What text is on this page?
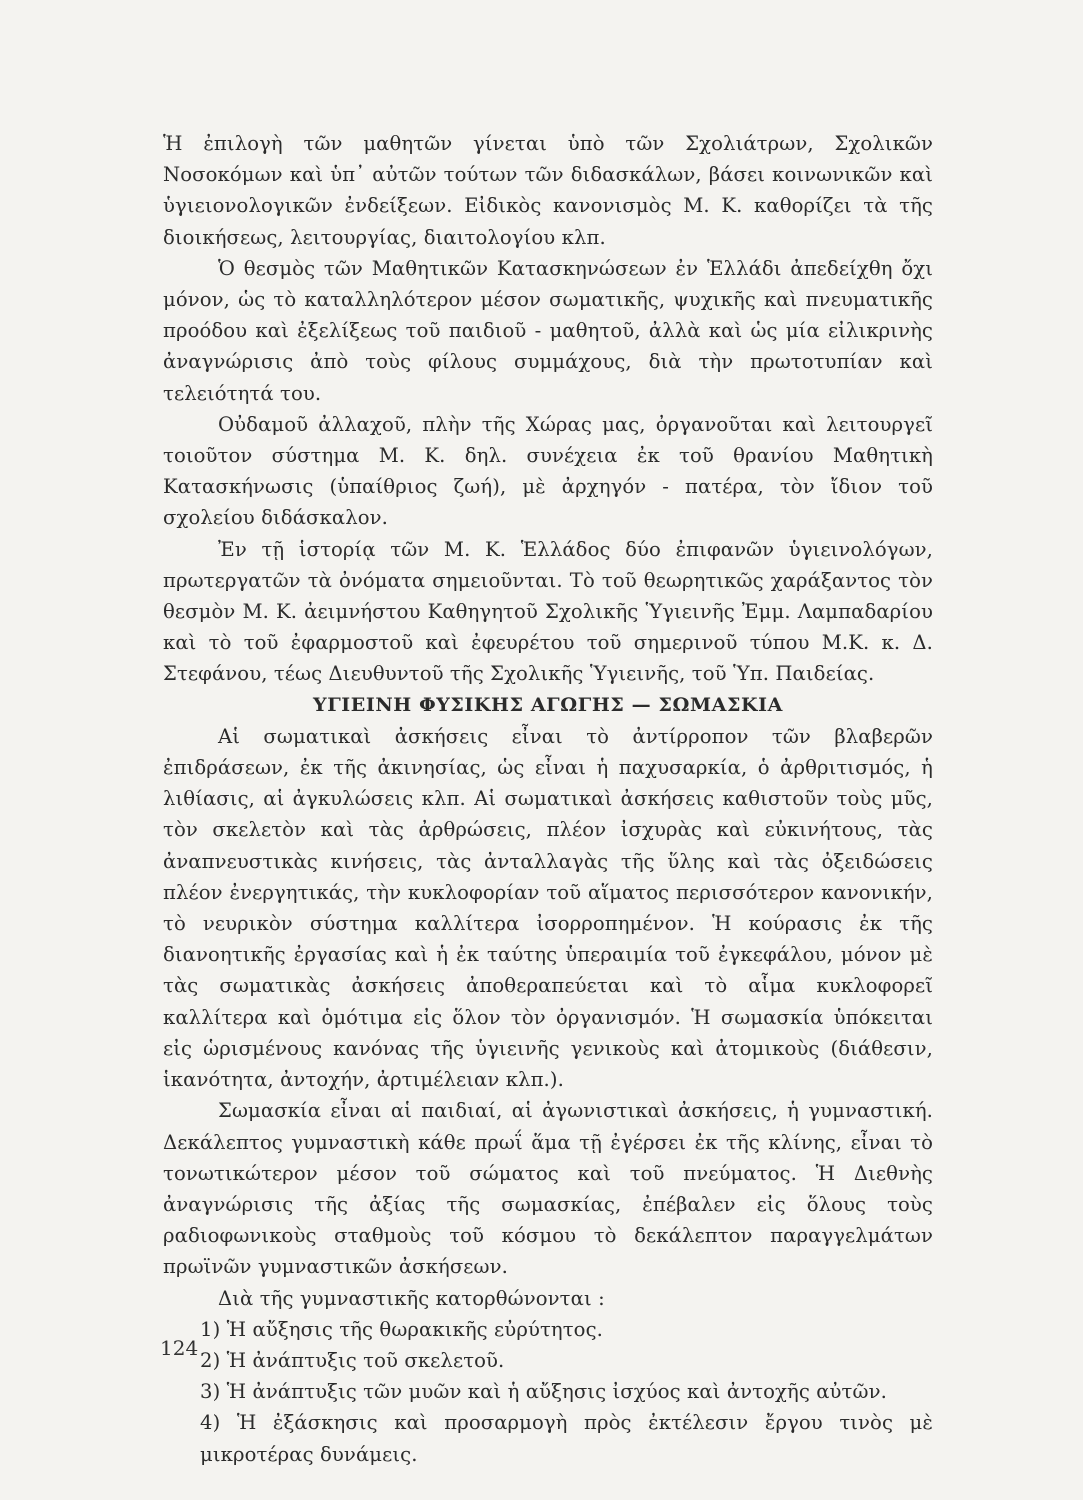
Ἡ ἐπιλογὴ τῶν μαθητῶν γίνεται ὑπὸ τῶν Σχολιάτρων, Σχολικῶν Νοσοκόμων καὶ ὑπ᾽ αὐτῶν τούτων τῶν διδασκάλων, βάσει κοινωνικῶν καὶ ὑγιειονολογικῶν ἐνδείξεων. Εἰδικὸς κανονισμὸς Μ. Κ. καθορίζει τὰ τῆς διοικήσεως, λειτουργίας, διαιτολογίου κλπ.

Ὁ θεσμὸς τῶν Μαθητικῶν Κατασκηνώσεων ἐν Ἑλλάδι ἀπεδείχθη ὄχι μόνον, ὡς τὸ καταλληλότερον μέσον σωματικῆς, ψυχικῆς καὶ πνευματικῆς προόδου καὶ ἐξελίξεως τοῦ παιδιοῦ - μαθητοῦ, ἀλλὰ καὶ ὡς μία εἰλικρινὴς ἀναγνώρισις ἀπὸ τοὺς φίλους συμμάχους, διὰ τὴν πρωτοτυπίαν καὶ τελειότητά του.

Οὐδαμοῦ ἀλλαχοῦ, πλὴν τῆς Χώρας μας, ὀργανοῦται καὶ λειτουργεῖ τοιοῦτον σύστημα Μ. Κ. δηλ. συνέχεια ἐκ τοῦ θρανίου Μαθητικὴ Κατασκήνωσις (ὑπαίθριος ζωή), μὲ ἀρχηγόν - πατέρα, τὸν ἴδιον τοῦ σχολείου διδάσκαλον.

Ἐν τῇ ἱστορίᾳ τῶν Μ. Κ. Ἑλλάδος δύο ἐπιφανῶν ὑγιεινολόγων, πρωτεργατῶν τὰ ὀνόματα σημειοῦνται. Τὸ τοῦ θεωρητικῶς χαράξαντος τὸν θεσμὸν Μ. Κ. ἀειμνήστου Καθηγητοῦ Σχολικῆς Ὑγιεινῆς Ἐμμ. Λαμπαδαρίου καὶ τὸ τοῦ ἐφαρμοστοῦ καὶ ἐφευρέτου τοῦ σημερινοῦ τύπου Μ.Κ. κ. Δ. Στεφάνου, τέως Διευθυντοῦ τῆς Σχολικῆς Ὑγιεινῆς, τοῦ Ὑπ. Παιδείας.

ΥΓΙΕΙΝΗ ΦΥΣΙΚΗΣ ΑΓΩΓΗΣ — ΣΩΜΑΣΚΙΑ

Αἱ σωματικαὶ ἀσκήσεις εἶναι τὸ ἀντίρροπον τῶν βλαβερῶν ἐπιδράσεων, ἐκ τῆς ἀκινησίας, ὡς εἶναι ἡ παχυσαρκία, ὁ ἀρθριτισμός, ἡ λιθίασις, αἱ ἀγκυλώσεις κλπ. Αἱ σωματικαὶ ἀσκήσεις καθιστοῦν τοὺς μῦς, τὸν σκελετὸν καὶ τὰς ἀρθρώσεις, πλέον ἰσχυρὰς καὶ εὐκινήτους, τὰς ἀναπνευστικὰς κινήσεις, τὰς ἀνταλλαγὰς τῆς ὕλης καὶ τὰς ὀξειδώσεις πλέον ἐνεργητικάς, τὴν κυκλοφορίαν τοῦ αἵματος περισσότερον κανονικήν, τὸ νευρικὸν σύστημα καλλίτερα ἰσορροπημένον. Ἡ κούρασις ἐκ τῆς διανοητικῆς ἐργασίας καὶ ἡ ἐκ ταύτης ὑπεραιμία τοῦ ἐγκεφάλου, μόνον μὲ τὰς σωματικὰς ἀσκήσεις ἀποθεραπεύεται καὶ τὸ αἷμα κυκλοφορεῖ καλλίτερα καὶ ὁμότιμα εἰς ὅλον τὸν ὀργανισμόν. Ἡ σωμασκία ὑπόκειται εἰς ὡρισμένους κανόνας τῆς ὑγιεινῆς γενικοὺς καὶ ἀτομικοὺς (διάθεσιν, ἱκανότητα, ἀντοχήν, ἀρτιμέλειαν κλπ.).

Σωμασκία εἶναι αἱ παιδιαί, αἱ ἀγωνιστικαὶ ἀσκήσεις, ἡ γυμναστική. Δεκάλεπτος γυμναστικὴ κάθε πρωΐ ἅμα τῇ ἐγέρσει ἐκ τῆς κλίνης, εἶναι τὸ τονωτικώτερον μέσον τοῦ σώματος καὶ τοῦ πνεύματος. Ἡ Διεθνὴς ἀναγνώρισις τῆς ἀξίας τῆς σωμασκίας, ἐπέβαλεν εἰς ὅλους τοὺς ραδιοφωνικοὺς σταθμοὺς τοῦ κόσμου τὸ δεκάλεπτον παραγγελμάτων πρωϊνῶν γυμναστικῶν ἀσκήσεων.

Διὰ τῆς γυμναστικῆς κατορθώνονται :

1) Ἡ αὔξησις τῆς θωρακικῆς εὐρύτητος.

2) Ἡ ἀνάπτυξις τοῦ σκελετοῦ.

3) Ἡ ἀνάπτυξις τῶν μυῶν καὶ ἡ αὔξησις ἰσχύος καὶ ἀντοχῆς αὐτῶν.

4) Ἡ ἐξάσκησις καὶ προσαρμογὴ πρὸς ἐκτέλεσιν ἔργου τινὸς μὲ μικροτέρας δυνάμεις.

124
